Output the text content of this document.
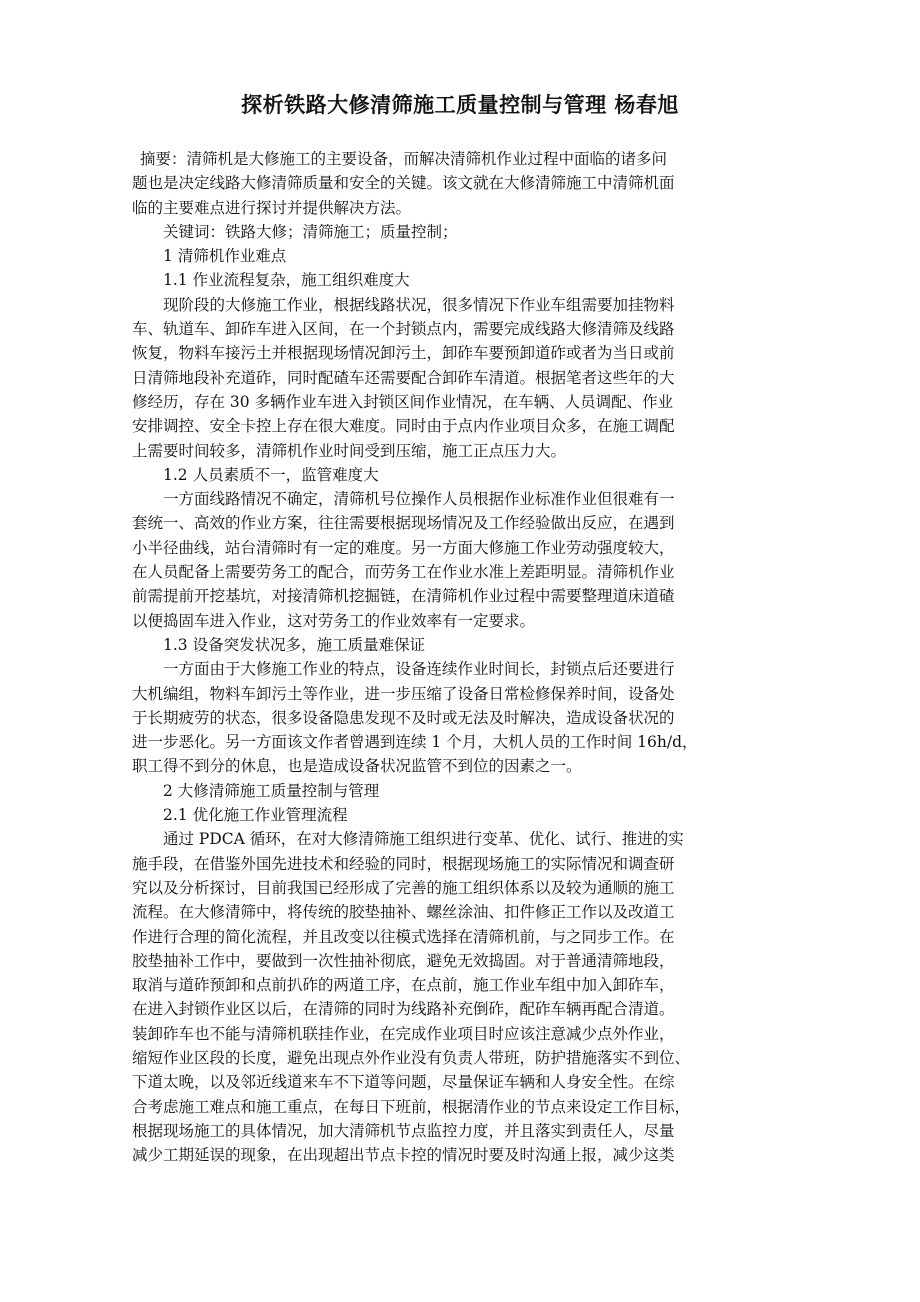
探析铁路大修清筛施工质量控制与管理 杨春旭
摘要：清筛机是大修施工的主要设备，而解决清筛机作业过程中面临的诸多问
题也是决定线路大修清筛质量和安全的关键。该文就在大修清筛施工中清筛机面
临的主要难点进行探讨并提供解决方法。
关键词：铁路大修；清筛施工；质量控制；
1 清筛机作业难点
1.1 作业流程复杂，施工组织难度大
现阶段的大修施工作业，根据线路状况，很多情况下作业车组需要加挂物料
车、轨道车、卸砟车进入区间，在一个封锁点内，需要完成线路大修清筛及线路
恢复，物料车接污土并根据现场情况卸污土，卸砟车要预卸道砟或者为当日或前
日清筛地段补充道砟，同时配碴车还需要配合卸砟车清道。根据笔者这些年的大
修经历，存在 30 多辆作业车进入封锁区间作业情况，在车辆、人员调配、作业
安排调控、安全卡控上存在很大难度。同时由于点内作业项目众多，在施工调配
上需要时间较多，清筛机作业时间受到压缩，施工正点压力大。
1.2 人员素质不一，监管难度大
一方面线路情况不确定，清筛机号位操作人员根据作业标准作业但很难有一
套统一、高效的作业方案，往往需要根据现场情况及工作经验做出反应，在遇到
小半径曲线，站台清筛时有一定的难度。另一方面大修施工作业劳动强度较大，
在人员配备上需要劳务工的配合，而劳务工在作业水准上差距明显。清筛机作业
前需提前开挖基坑，对接清筛机挖掘链，在清筛机作业过程中需要整理道床道碴
以便捣固车进入作业，这对劳务工的作业效率有一定要求。
1.3 设备突发状况多，施工质量难保证
一方面由于大修施工作业的特点，设备连续作业时间长，封锁点后还要进行
大机编组，物料车卸污土等作业，进一步压缩了设备日常检修保养时间，设备处
于长期疲劳的状态，很多设备隐患发现不及时或无法及时解决，造成设备状况的
进一步恶化。另一方面该文作者曾遇到连续 1 个月，大机人员的工作时间 16h/d，
职工得不到分的休息，也是造成设备状况监管不到位的因素之一。
2 大修清筛施工质量控制与管理
2.1 优化施工作业管理流程
通过 PDCA 循环，在对大修清筛施工组织进行变革、优化、试行、推进的实
施手段，在借鉴外国先进技术和经验的同时，根据现场施工的实际情况和调查研
究以及分析探讨，目前我国已经形成了完善的施工组织体系以及较为通顺的施工
流程。在大修清筛中，将传统的胶垫抽补、螺丝涂油、扣件修正工作以及改道工
作进行合理的简化流程，并且改变以往模式选择在清筛机前，与之同步工作。在
胶垫抽补工作中，要做到一次性抽补彻底，避免无效捣固。对于普通清筛地段，
取消与道砟预卸和点前扒砟的两道工序，在点前，施工作业车组中加入卸砟车，
在进入封锁作业区以后，在清筛的同时为线路补充倒砟，配砟车辆再配合清道。
装卸砟车也不能与清筛机联挂作业，在完成作业项目时应该注意减少点外作业，
缩短作业区段的长度，避免出现点外作业没有负责人带班，防护措施落实不到位、
下道太晚，以及邻近线道来车不下道等问题，尽量保证车辆和人身安全性。在综
合考虑施工难点和施工重点，在每日下班前，根据清作业的节点来设定工作目标，
根据现场施工的具体情况，加大清筛机节点监控力度，并且落实到责任人，尽量
减少工期延误的现象，在出现超出节点卡控的情况时要及时沟通上报，减少这类
